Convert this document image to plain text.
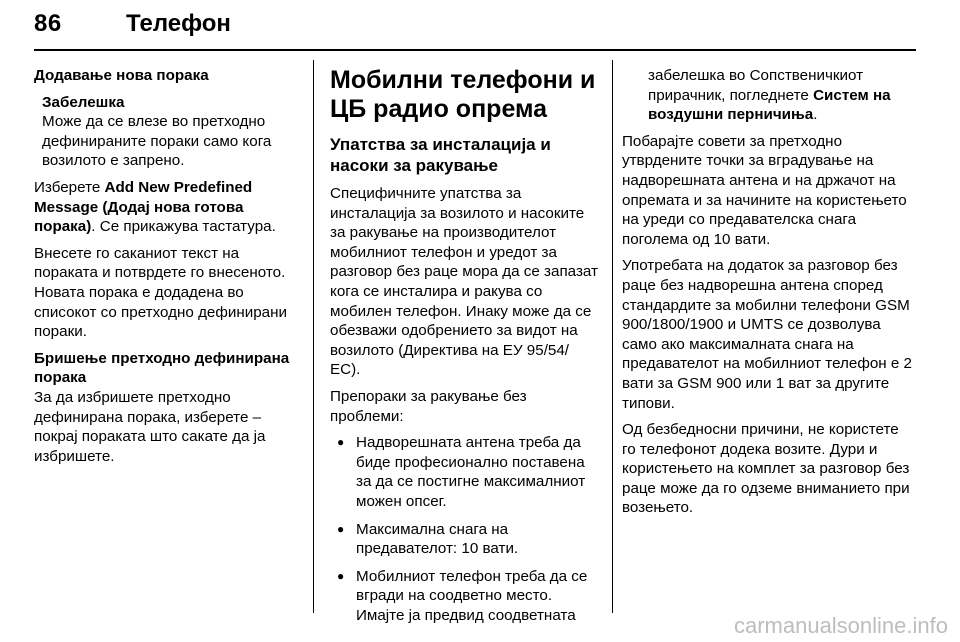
86	Телефон

Додавање нова порака

Забелешка
Може да се влезе во претходно дефинираните пораки само кога возилото е запрено.

Изберете Add New Predefined Message (Додај нова готова порака). Се прикажува тастатура.

Внесете го саканиот текст на пораката и потврдете го внесеното. Новата порака е додадена во списокот со претходно дефинирани пораки.

Бришење претходно дефинирана порака

За да избришете претходно дефинирана порака, изберете – покрај пораката што сакате да ја избришете.

Мобилни телефони и ЦБ радио опрема
Упатства за инсталација и насоки за ракување

Специфичните упатства за инсталација за возилото и насоките за ракување на производителот мобилниот телефон и уредот за разговор без раце мора да се запазат кога се инсталира и ракува со мобилен телефон. Инаку може да се обезважи одобрението за видот на возилото (Директива на ЕУ 95/54/ ЕС).

Препораки за ракување без проблеми:

● Надворешната антена треба да биде професионално поставена за да се постигне максималниот можен опсег.
● Максимална снага на предавателот: 10 вати.
● Мобилниот телефон треба да се вгради на соодветно место. Имајте ја предвид соодветната
забелешка во Сопственичкиот прирачник, погледнете Систем на воздушни перничиња.

Побарајте совети за претходно утврдените точки за вградување на надворешната антена и на држачот на опремата и за начините на користењето на уреди со предавателска снага поголема од 10 вати.

Употребата на додаток за разговор без раце без надворешна антена според стандардите за мобилни телефони GSM 900/1800/1900 и UMTS се дозволува само ако максималната снага на предавателот на мобилниот телефон е 2 вати за GSM 900 или 1 ват за другите типови.

Од безбедносни причини, не користете го телефонот додека возите. Дури и користењето на комплет за разговор без раце може да го одземе вниманието при возењето.

carmanualsonline.info
